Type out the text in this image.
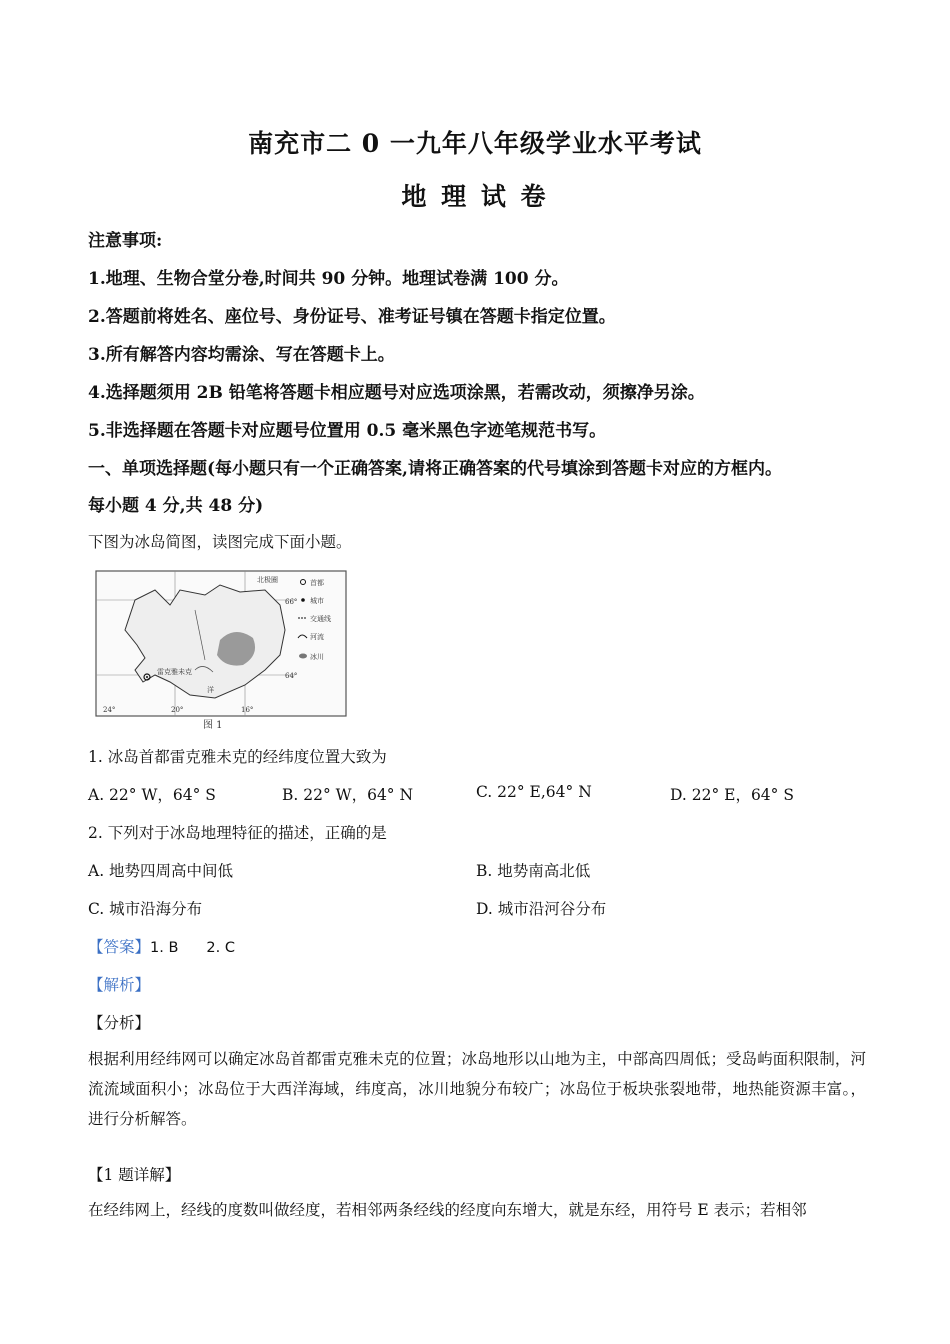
南充市二 0 一九年八年级学业水平考试
地 理 试 卷
注意事项:
1.地理、生物合堂分卷,时间共 90 分钟。地理试卷满 100 分。
2.答题前将姓名、座位号、身份证号、准考证号镇在答题卡指定位置。
3.所有解答内容均需涂、写在答题卡上。
4.选择题须用 2B 铅笔将答题卡相应题号对应选项涂黑，若需改动，须擦净另涂。
5.非选择题在答题卡对应题号位置用 0.5 毫米黑色字迹笔规范书写。
一、单项选择题(每小题只有一个正确答案,请将正确答案的代号填涂到答题卡对应的方框内。
每小题 4 分,共 48 分)
下图为冰岛简图，读图完成下面小题。
雷克雅未克
北极圈
66°
64°
洋
24°	20°	16°
首都
城市
交通线
河流
冰川
图 1
1. 冰岛首都雷克雅未克的经纬度位置大致为
A. 22° W，64° S	B. 22° W，64° N	C. 22° E,64° N	D. 22° E，64° S
2. 下列对于冰岛地理特征的描述，正确的是
A. 地势四周高中间低	B. 地势南高北低
C. 城市沿海分布	D. 城市沿河谷分布
【答案】1. B 2. C
【解析】
【分析】
根据利用经纬网可以确定冰岛首都雷克雅未克的位置；冰岛地形以山地为主，中部高四周低；受岛屿面积限制，河流流域面积小；冰岛位于大西洋海域，纬度高，冰川地貌分布较广；冰岛位于板块张裂地带，地热能资源丰富。，进行分析解答。
【1 题详解】
在经纬网上，经线的度数叫做经度，若相邻两条经线的经度向东增大，就是东经，用符号 E 表示；若相邻
